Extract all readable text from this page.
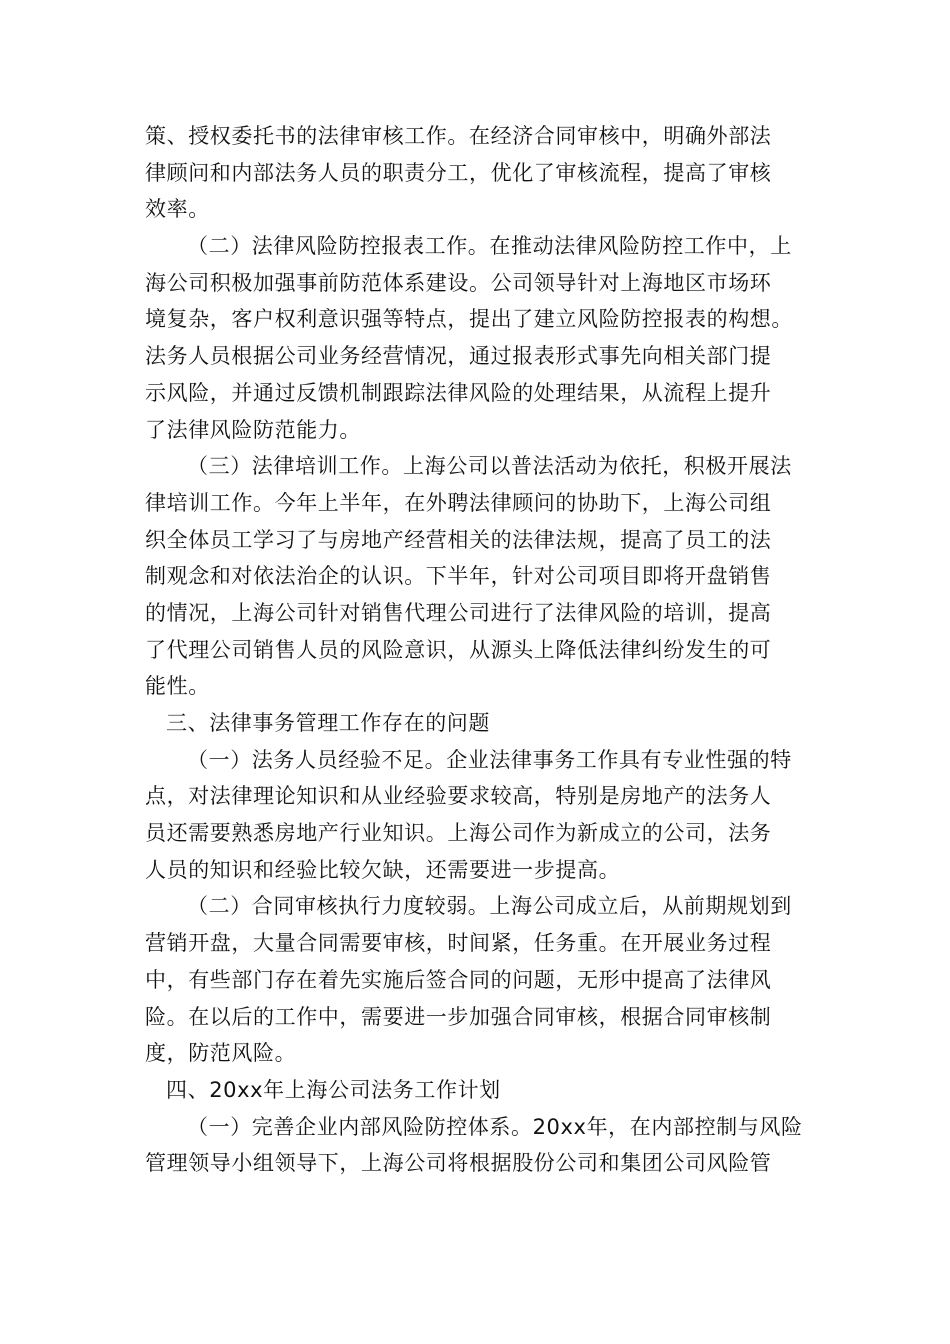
策、授权委托书的法律审核工作。在经济合同审核中，明确外部法
律顾问和内部法务人员的职责分工，优化了审核流程，提高了审核
效率。
（二）法律风险防控报表工作。在推动法律风险防控工作中，上
海公司积极加强事前防范体系建设。公司领导针对上海地区市场环
境复杂，客户权利意识强等特点，提出了建立风险防控报表的构想。
法务人员根据公司业务经营情况，通过报表形式事先向相关部门提
示风险，并通过反馈机制跟踪法律风险的处理结果，从流程上提升
了法律风险防范能力。
（三）法律培训工作。上海公司以普法活动为依托，积极开展法
律培训工作。今年上半年，在外聘法律顾问的协助下，上海公司组
织全体员工学习了与房地产经营相关的法律法规，提高了员工的法
制观念和对依法治企的认识。下半年，针对公司项目即将开盘销售
的情况，上海公司针对销售代理公司进行了法律风险的培训，提高
了代理公司销售人员的风险意识，从源头上降低法律纠纷发生的可
能性。
三、法律事务管理工作存在的问题
（一）法务人员经验不足。企业法律事务工作具有专业性强的特
点，对法律理论知识和从业经验要求较高，特别是房地产的法务人
员还需要熟悉房地产行业知识。上海公司作为新成立的公司，法务
人员的知识和经验比较欠缺，还需要进一步提高。
（二）合同审核执行力度较弱。上海公司成立后，从前期规划到
营销开盘，大量合同需要审核，时间紧，任务重。在开展业务过程
中，有些部门存在着先实施后签合同的问题，无形中提高了法律风
险。在以后的工作中，需要进一步加强合同审核，根据合同审核制
度，防范风险。
四、20xx年上海公司法务工作计划
（一）完善企业内部风险防控体系。20xx年，在内部控制与风险
管理领导小组领导下，上海公司将根据股份公司和集团公司风险管
